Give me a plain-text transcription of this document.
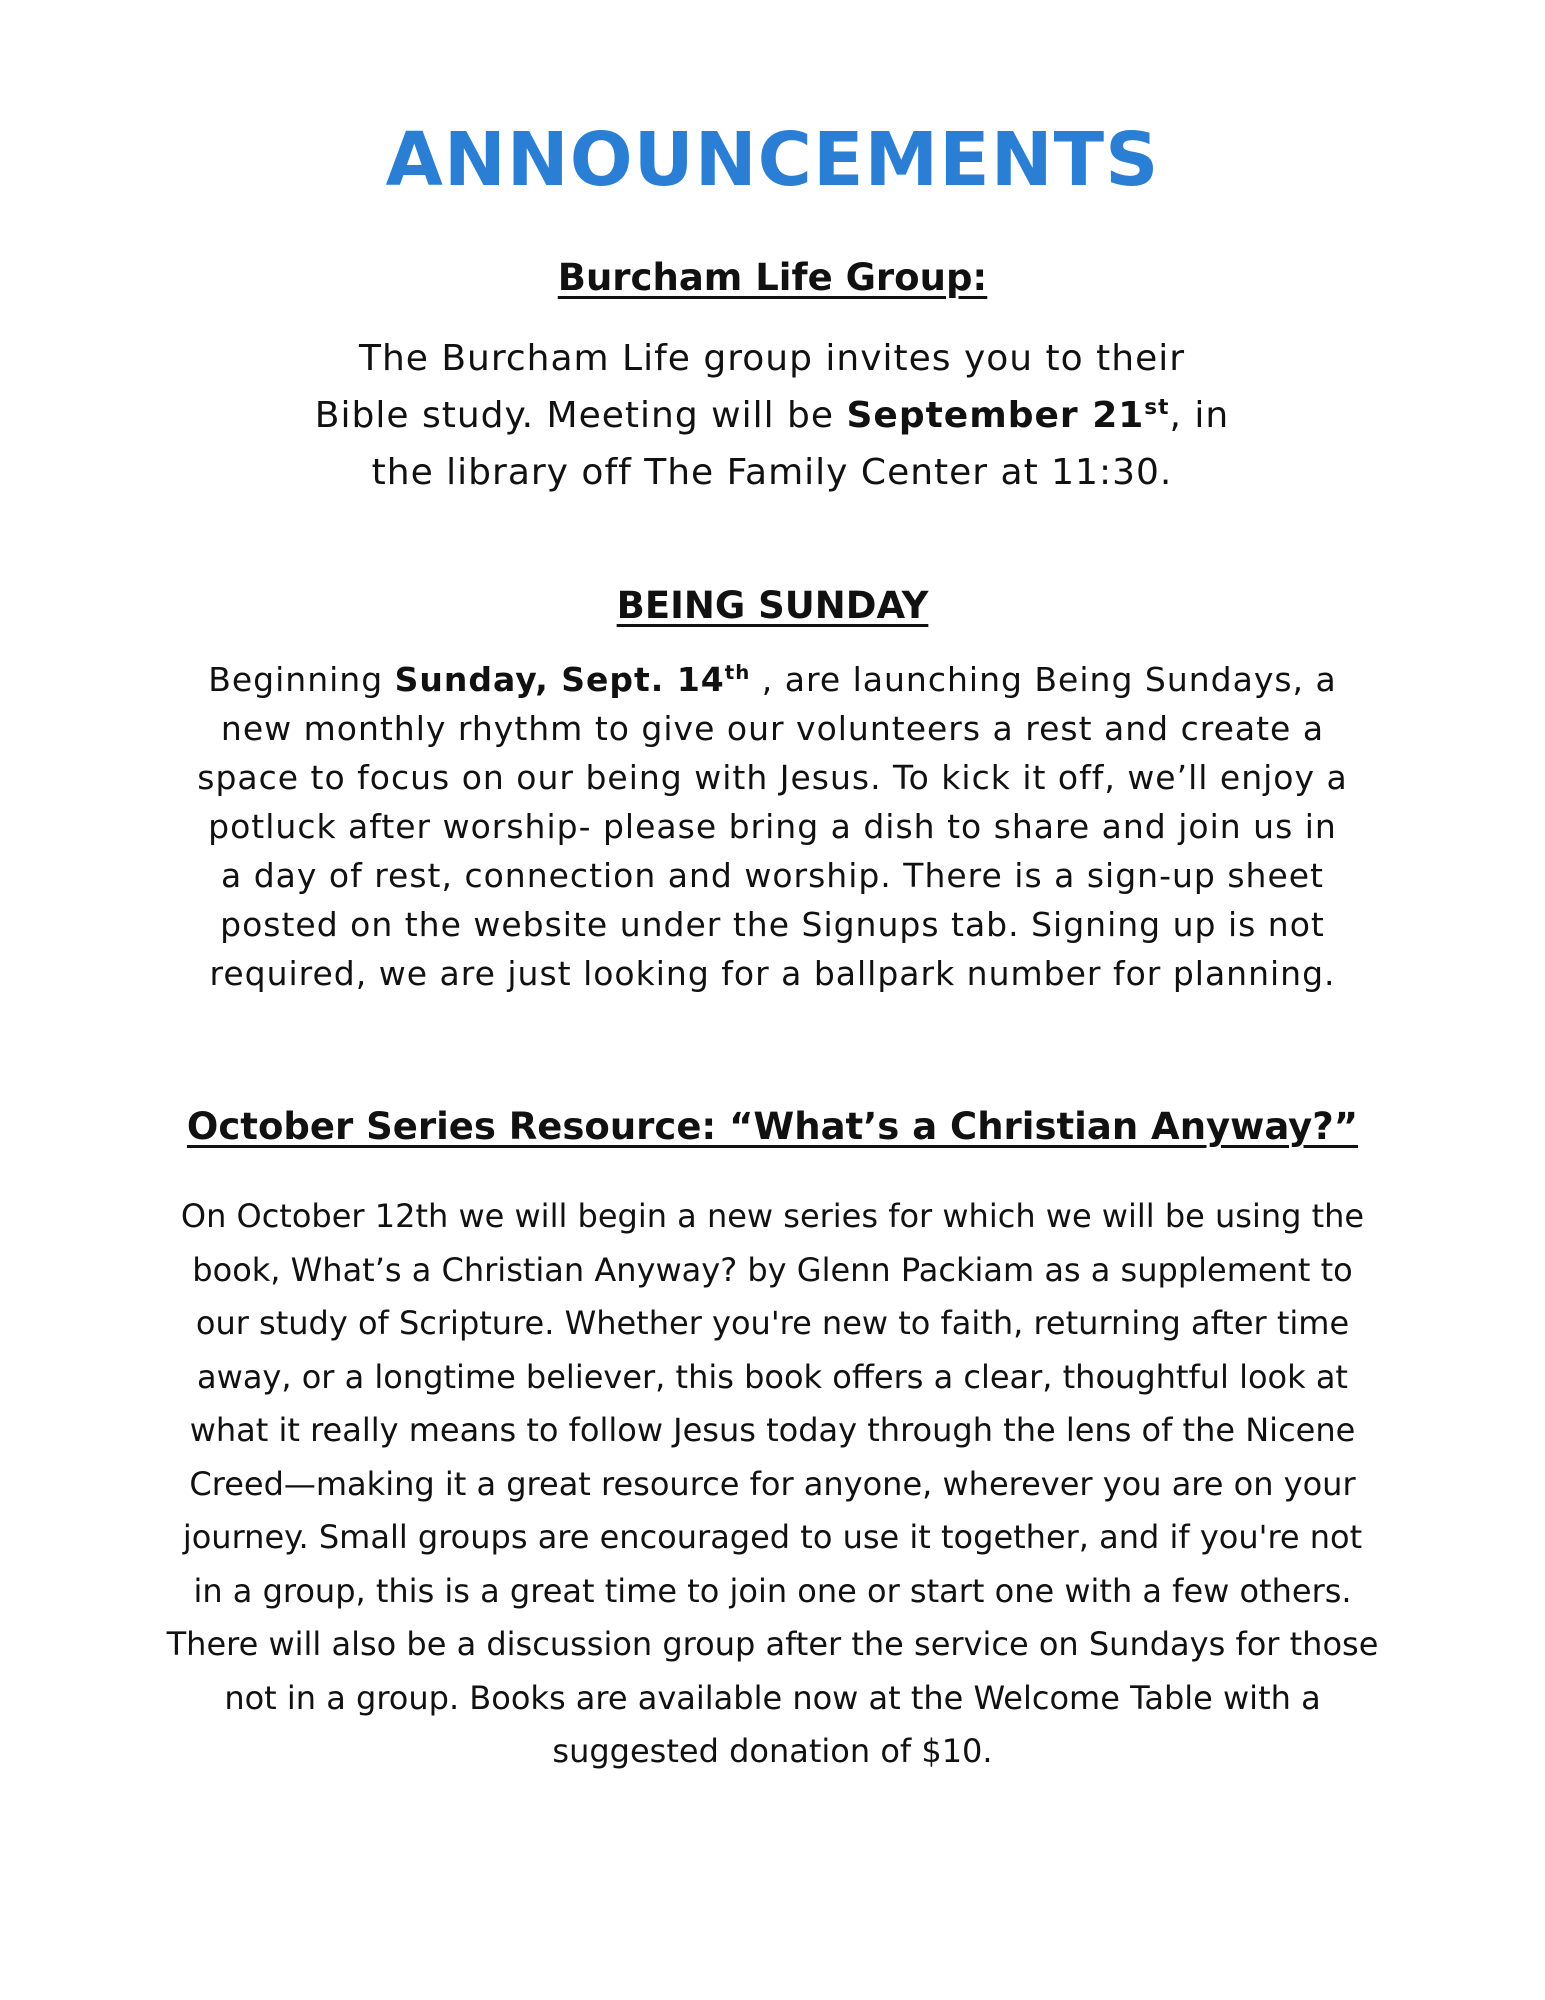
ANNOUNCEMENTS
Burcham Life Group:
The Burcham Life group invites you to their
Bible study. Meeting will be September 21st, in
the library off The Family Center at 11:30.
BEING SUNDAY
Beginning Sunday, Sept. 14th , are launching Being Sundays, a
new monthly rhythm to give our volunteers a rest and create a
space to focus on our being with Jesus. To kick it off, we’ll enjoy a
potluck after worship- please bring a dish to share and join us in
a day of rest, connection and worship. There is a sign-up sheet
posted on the website under the Signups tab. Signing up is not
required, we are just looking for a ballpark number for planning.
October Series Resource: “What’s a Christian Anyway?”
On October 12th we will begin a new series for which we will be using the
book, What’s a Christian Anyway? by Glenn Packiam as a supplement to
our study of Scripture. Whether you're new to faith, returning after time
away, or a longtime believer, this book offers a clear, thoughtful look at
what it really means to follow Jesus today through the lens of the Nicene
Creed—making it a great resource for anyone, wherever you are on your
journey. Small groups are encouraged to use it together, and if you're not
in a group, this is a great time to join one or start one with a few others.
There will also be a discussion group after the service on Sundays for those
not in a group. Books are available now at the Welcome Table with a
suggested donation of $10.
